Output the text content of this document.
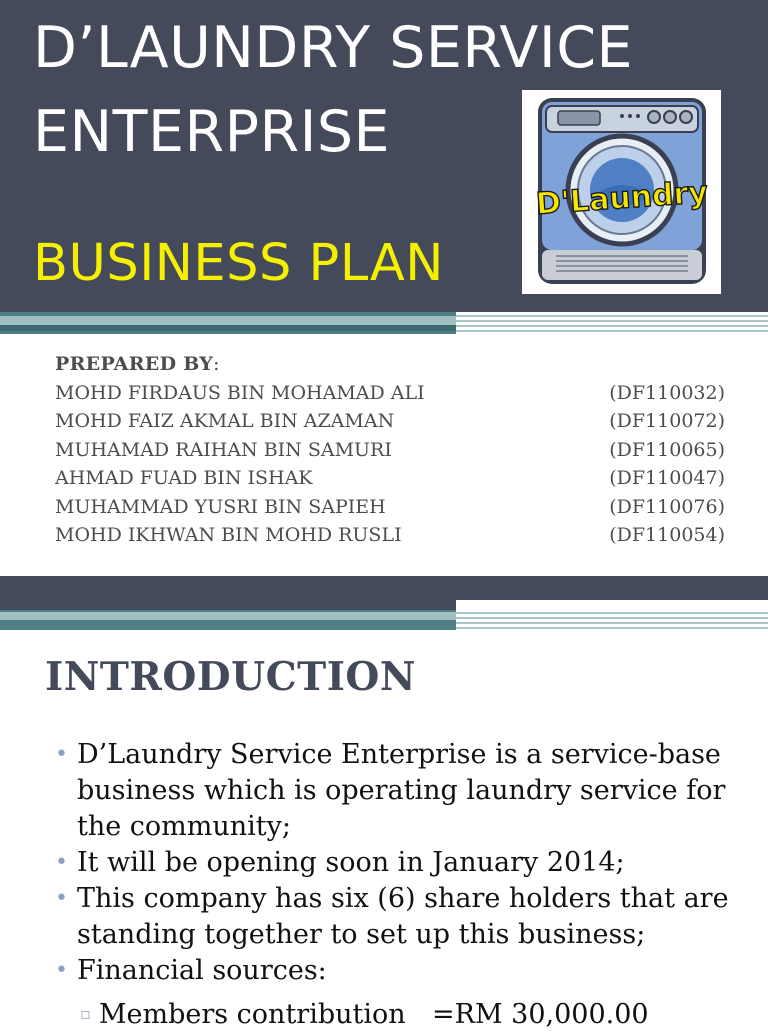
D’LAUNDRY SERVICE
ENTERPRISE
BUSINESS PLAN
D'Laundry
PREPARED BY:
MOHD FIRDAUS BIN MOHAMAD ALI	(DF110032)
MOHD FAIZ AKMAL BIN AZAMAN	(DF110072)
MUHAMAD RAIHAN BIN SAMURI	(DF110065)
AHMAD FUAD BIN ISHAK	(DF110047)
MUHAMMAD YUSRI BIN SAPIEH	(DF110076)
MOHD IKHWAN BIN MOHD RUSLI	(DF110054)
INTRODUCTION
• D’Laundry Service Enterprise is a service-base business which is operating laundry service for the community;
• It will be opening soon in January 2014;
• This company has six (6) share holders that are standing together to set up this business;
• Financial sources:
▫ Members contribution =RM 30,000.00
